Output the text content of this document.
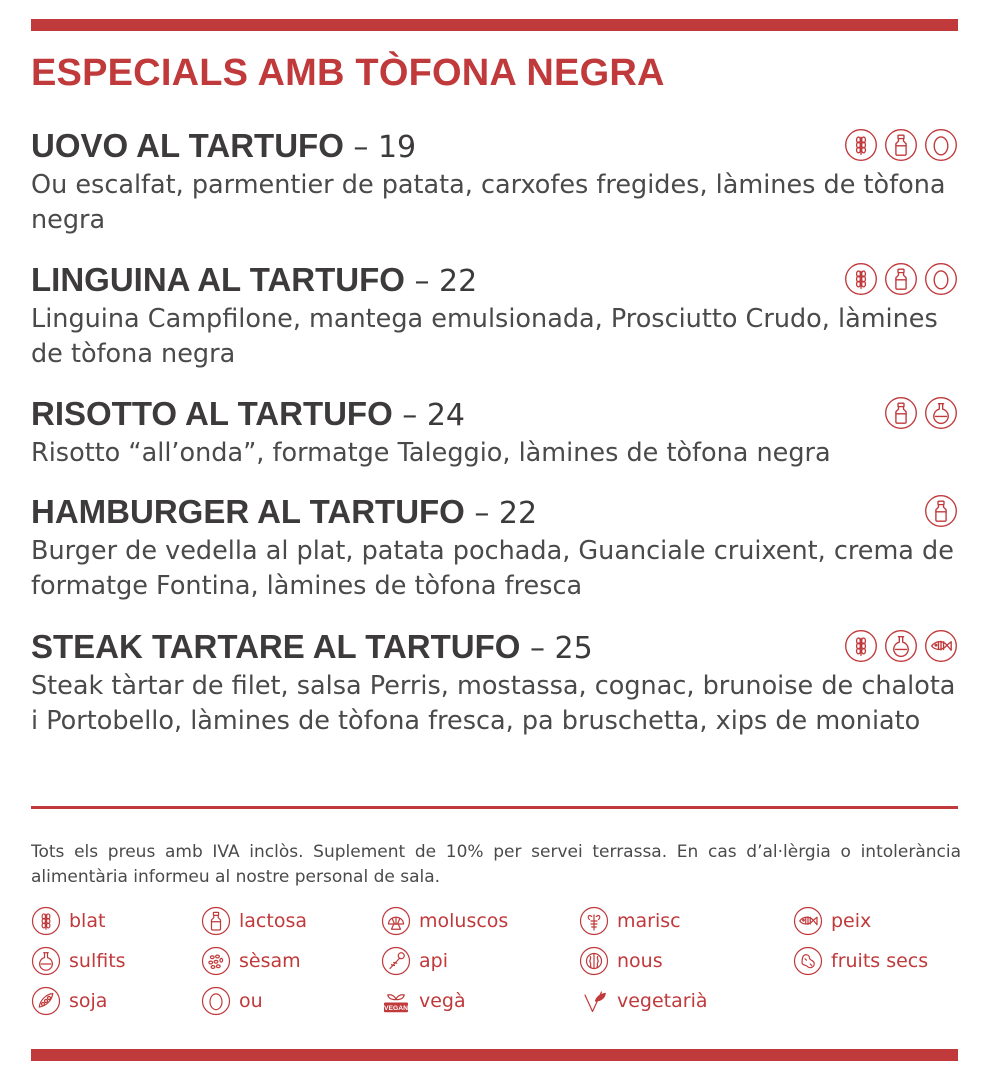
ESPECIALS AMB TÒFONA NEGRA
UOVO AL TARTUFO – 19

Ou escalfat, parmentier de patata, carxofes fregides, làmines de tòfona negra

LINGUINA AL TARTUFO – 22

Linguina Campfilone, mantega emulsionada, Prosciutto Crudo, làmines de tòfona negra

RISOTTO AL TARTUFO – 24

Risotto “all’onda”, formatge Taleggio, làmines de tòfona negra

HAMBURGER AL TARTUFO – 22

Burger de vedella al plat, patata pochada, Guanciale cruixent, crema de formatge Fontina, làmines de tòfona fresca

STEAK TARTARE AL TARTUFO – 25

Steak tàrtar de filet, salsa Perris, mostassa, cognac, brunoise de chalota i Portobello, làmines de tòfona fresca, pa bruschetta, xips de moniato

Tots els preus amb IVA inclòs. Suplement de 10% per servei terrassa. En cas d’al·lèrgia o intolerància alimentària informeu al nostre personal de sala.

blat	lactosa	moluscos	marisc	peix
sulfits	sèsam	api	nous	fruits secs
soja	ou	VEGAN vegà	vegetarià
